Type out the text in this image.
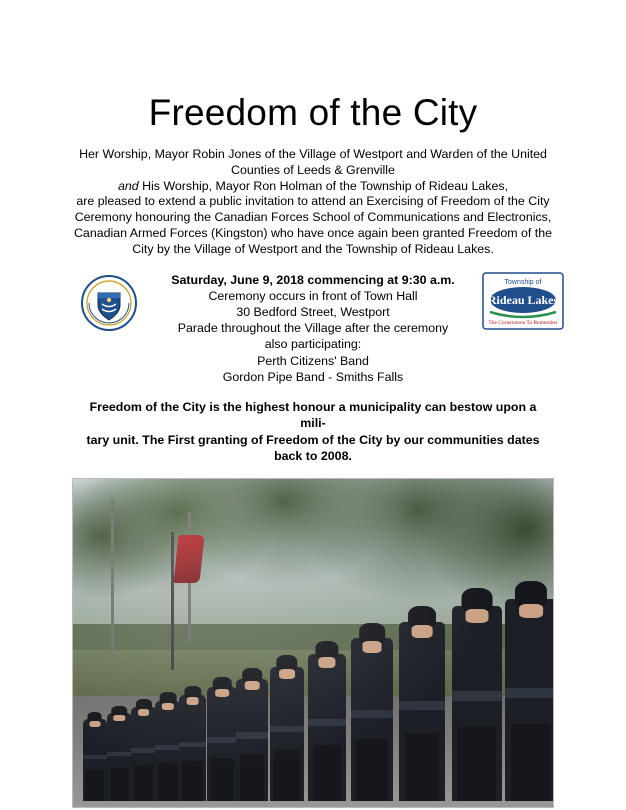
Freedom of the City
Her Worship, Mayor Robin Jones of the Village of Westport and Warden of the United
Counties of Leeds & Grenville
and His Worship, Mayor Ron Holman of the Township of Rideau Lakes,
are pleased to extend a public invitation to attend an Exercising of Freedom of the City
Ceremony honouring the Canadian Forces School of Communications and Electronics,
Canadian Armed Forces (Kingston) who have once again been granted Freedom of the
City by the Village of Westport and the Township of Rideau Lakes.
Township of
Rideau Lakes
The Cornerstone To Remember
Saturday, June 9, 2018 commencing at 9:30 a.m.
Ceremony occurs in front of Town Hall
30 Bedford Street, Westport
Parade throughout the Village after the ceremony
also participating:
Perth Citizens' Band
Gordon Pipe Band - Smiths Falls
Freedom of the City is the highest honour a municipality can bestow upon a mili-
tary unit. The First granting of Freedom of the City by our communities dates
back to 2008.
